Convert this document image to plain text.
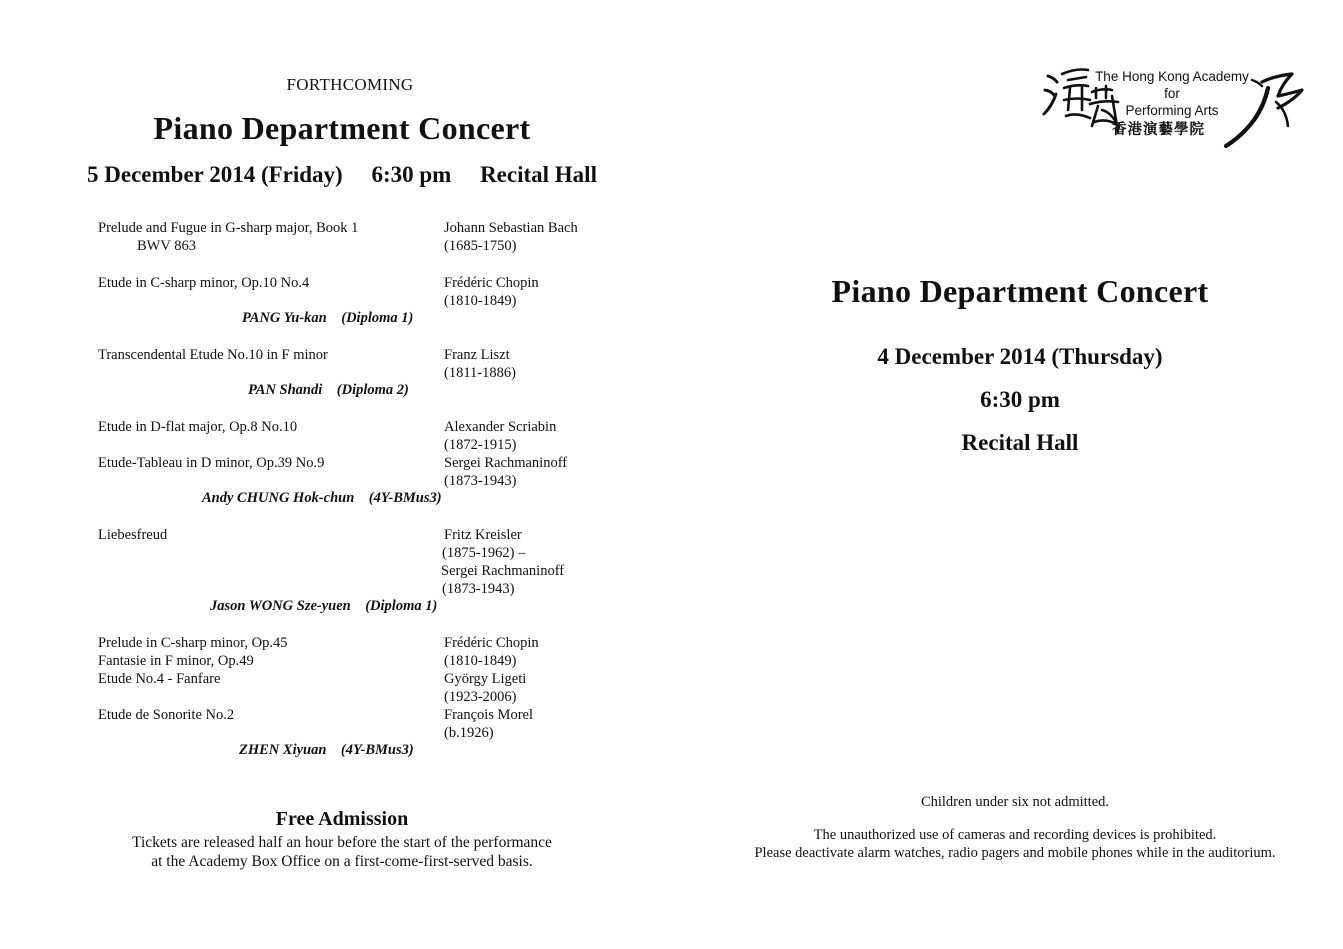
FORTHCOMING
Piano Department Concert
5 December 2014 (Friday)     6:30 pm     Recital Hall
Prelude and Fugue in G-sharp major, Book 1
BWV 863
Etude in C-sharp minor, Op.10 No.4
Transcendental Etude No.10 in F minor
Etude in D-flat major, Op.8 No.10
Etude-Tableau in D minor, Op.39 No.9
Liebesfreud
Prelude in C-sharp minor, Op.45
Fantasie in F minor, Op.49
Etude No.4 - Fanfare
Etude de Sonorite No.2
Johann Sebastian Bach
(1685-1750)
Frédéric Chopin
(1810-1849)
Franz Liszt
(1811-1886)
Alexander Scriabin
(1872-1915)
Sergei Rachmaninoff
(1873-1943)
Fritz Kreisler
(1875-1962) –
Sergei Rachmaninoff
(1873-1943)
Frédéric Chopin
(1810-1849)
György Ligeti
(1923-2006)
François Morel
(b.1926)
PANG Yu-kan    (Diploma 1)
PAN Shandi    (Diploma 2)
Andy CHUNG Hok-chun    (4Y-BMus3)
Jason WONG Sze-yuen    (Diploma 1)
ZHEN Xiyuan    (4Y-BMus3)
Free Admission
Tickets are released half an hour before the start of the performance
at the Academy Box Office on a first-come-first-served basis.
The Hong Kong Academy
for
Performing Arts
香港演藝學院
Piano Department Concert
4 December 2014 (Thursday)
6:30 pm
Recital Hall
Children under six not admitted.
The unauthorized use of cameras and recording devices is prohibited.
Please deactivate alarm watches, radio pagers and mobile phones while in the auditorium.
